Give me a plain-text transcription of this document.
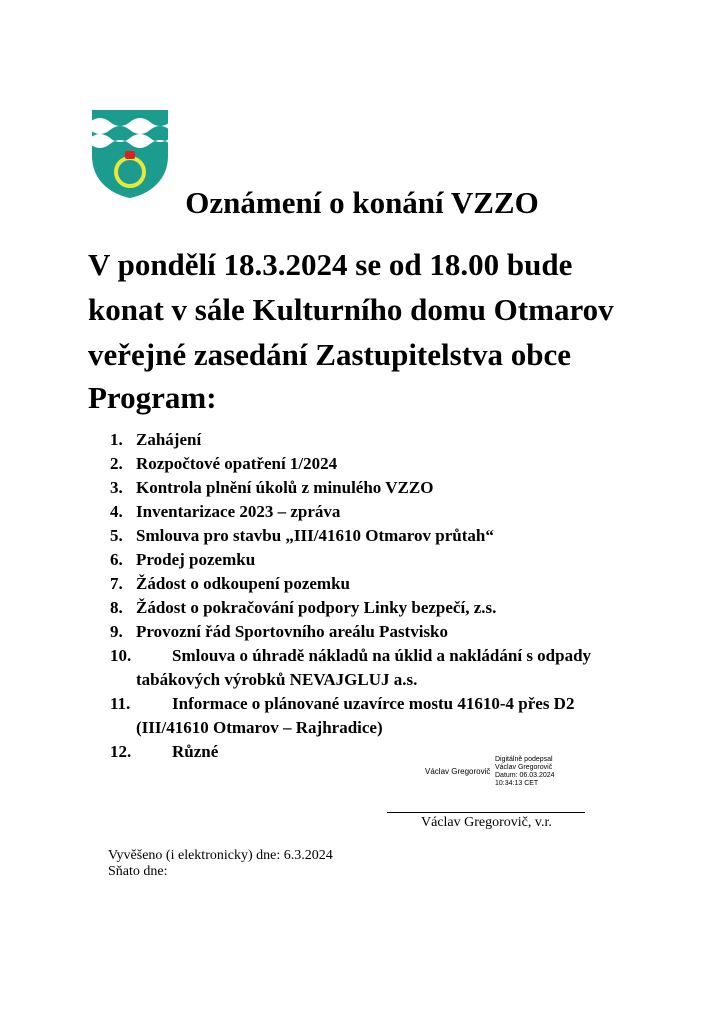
Oznámení o konání VZZO
V pondělí 18.3.2024 se od 18.00 bude
konat v sále Kulturního domu Otmarov
veřejné zasedání Zastupitelstva obce
Program:
1. Zahájení
2. Rozpočtové opatření 1/2024
3. Kontrola plnění úkolů z minulého VZZO
4. Inventarizace 2023 – zpráva
5. Smlouva pro stavbu „III/41610 Otmarov průtah“
6. Prodej pozemku
7. Žádost o odkoupení pozemku
8. Žádost o pokračování podpory Linky bezpečí, z.s.
9. Provozní řád Sportovního areálu Pastvisko
10. Smlouva o úhradě nákladů na úklid a nakládání s odpady
tabákových výrobků NEVAJGLUJ a.s.
11. Informace o plánované uzavírce mostu 41610-4 přes D2
(III/41610 Otmarov – Rajhradice)
12. Různé
Václav Gregorovič
Digitálně podepsal
Václav Gregorovič
Datum: 06.03.2024
10:34:13 CET
Václav Gregorovič, v.r.
Vyvěšeno (i elektronicky) dne: 6.3.2024
Sňato dne:
